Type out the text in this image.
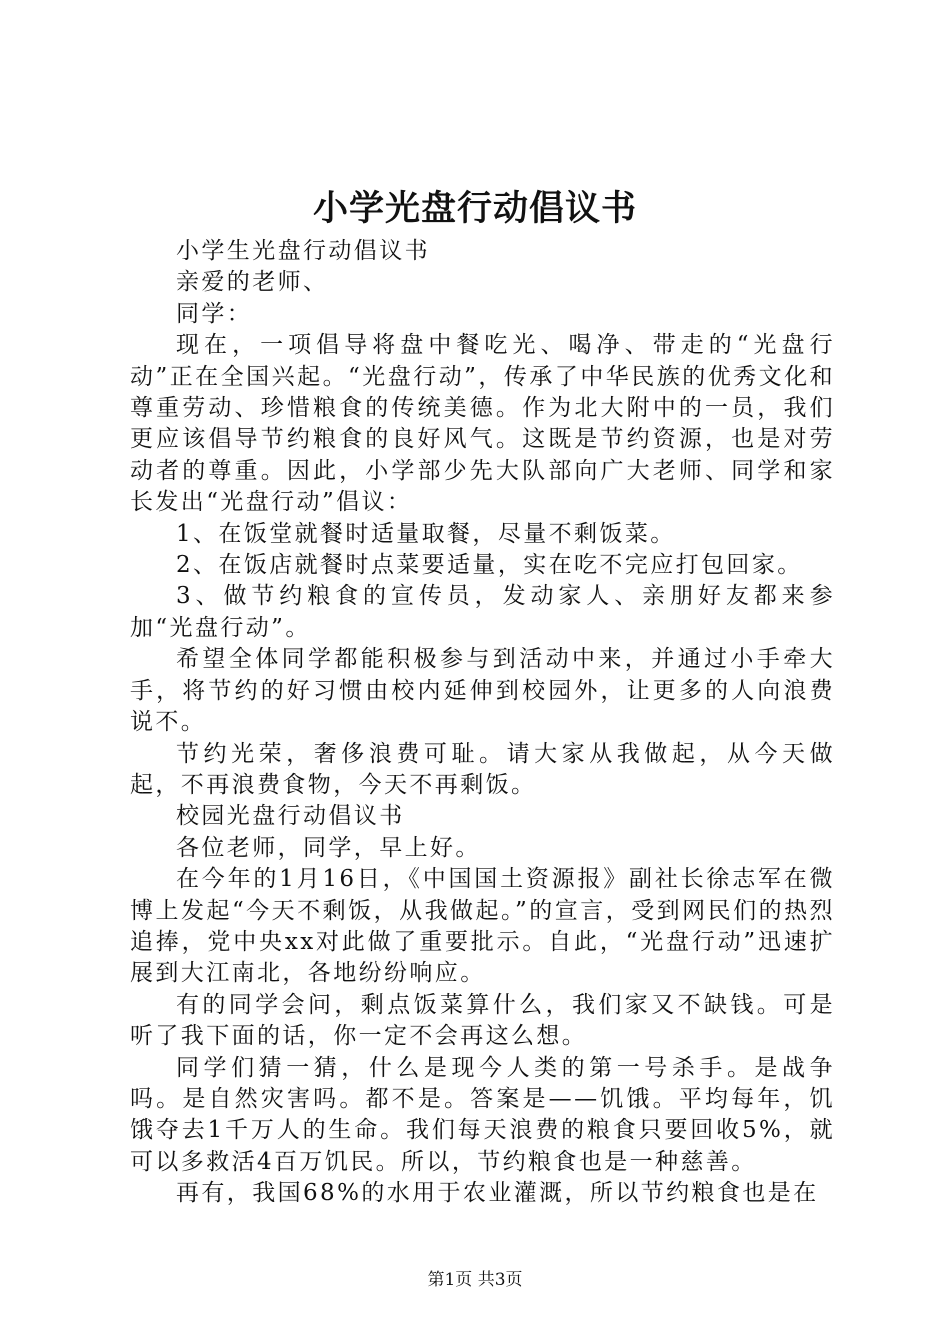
小学光盘行动倡议书

小学生光盘行动倡议书

亲爱的老师、

同学：

现在，一项倡导将盘中餐吃光、喝净、带走的“光盘行动”正在全国兴起。“光盘行动”，传承了中华民族的优秀文化和尊重劳动、珍惜粮食的传统美德。作为北大附中的一员，我们更应该倡导节约粮食的良好风气。这既是节约资源，也是对劳动者的尊重。因此，小学部少先大队部向广大老师、同学和家长发出“光盘行动”倡议：

1、在饭堂就餐时适量取餐，尽量不剩饭菜。

2、在饭店就餐时点菜要适量，实在吃不完应打包回家。

3、做节约粮食的宣传员，发动家人、亲朋好友都来参加“光盘行动”。

希望全体同学都能积极参与到活动中来，并通过小手牵大手，将节约的好习惯由校内延伸到校园外，让更多的人向浪费说不。

节约光荣，奢侈浪费可耻。请大家从我做起，从今天做起，不再浪费食物，今天不再剩饭。

校园光盘行动倡议书

各位老师，同学，早上好。

在今年的1月16日，《中国国土资源报》副社长徐志军在微博上发起“今天不剩饭，从我做起。”的宣言，受到网民们的热烈追捧，党中央xx对此做了重要批示。自此，“光盘行动”迅速扩展到大江南北，各地纷纷响应。

有的同学会问，剩点饭菜算什么，我们家又不缺钱。可是听了我下面的话，你一定不会再这么想。

同学们猜一猜，什么是现今人类的第一号杀手。是战争吗。是自然灾害吗。都不是。答案是——饥饿。平均每年，饥饿夺去1千万人的生命。我们每天浪费的粮食只要回收5%，就可以多救活4百万饥民。所以，节约粮食也是一种慈善。

再有，我国68%的水用于农业灌溉，所以节约粮食也是在

第1页 共3页
